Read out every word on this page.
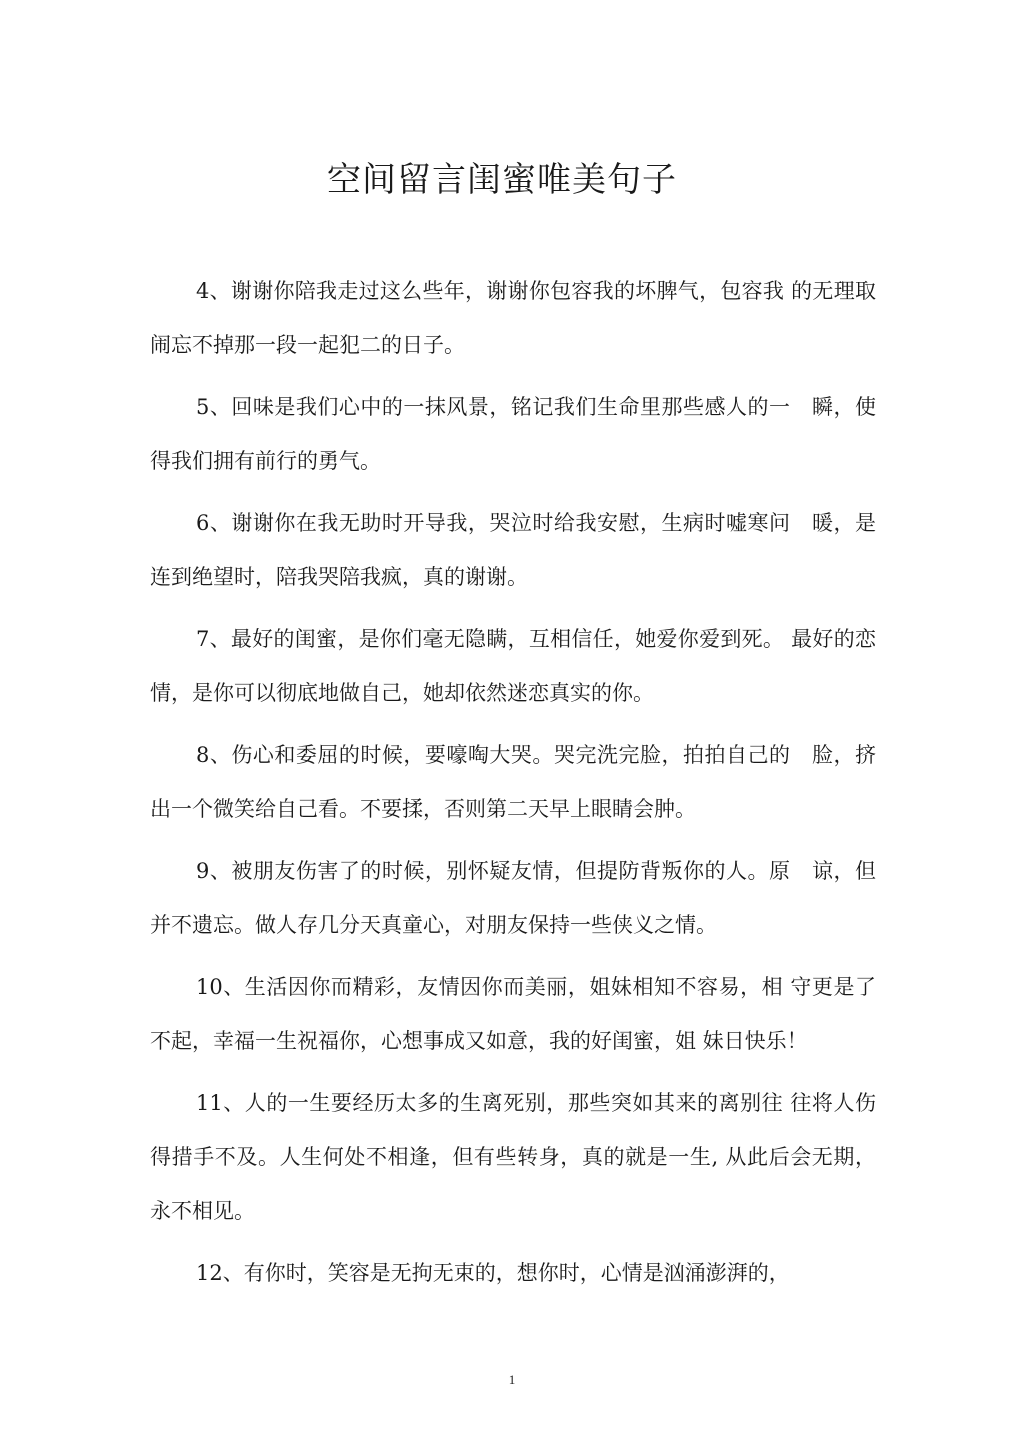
空间留言闺蜜唯美句子

4、谢谢你陪我走过这么些年，谢谢你包容我的坏脾气，包容我 的无理取闹忘不掉那一段一起犯二的日子。

5、回味是我们心中的一抹风景，铭记我们生命里那些感人的一　瞬，使得我们拥有前行的勇气。

6、谢谢你在我无助时开导我，哭泣时给我安慰，生病时嘘寒问　暖，是连到绝望时，陪我哭陪我疯，真的谢谢。

7、最好的闺蜜，是你们毫无隐瞒，互相信任，她爱你爱到死。 最好的恋情，是你可以彻底地做自己，她却依然迷恋真实的你。

8、伤心和委屈的时候，要嚎啕大哭。哭完洗完脸，拍拍自己的　脸，挤出一个微笑给自己看。不要揉，否则第二天早上眼睛会肿。

9、被朋友伤害了的时候，别怀疑友情，但提防背叛你的人。原　谅，但并不遗忘。做人存几分天真童心，对朋友保持一些侠义之情。

10、生活因你而精彩，友情因你而美丽，姐妹相知不容易，相 守更是了不起，幸福一生祝福你，心想事成又如意，我的好闺蜜，姐 妹日快乐！

11、人的一生要经历太多的生离死别，那些突如其来的离别往 往将人伤得措手不及。人生何处不相逢，但有些转身，真的就是一生, 从此后会无期，永不相见。

12、有你时，笑容是无拘无束的，想你时，心情是汹涌澎湃的，

1
